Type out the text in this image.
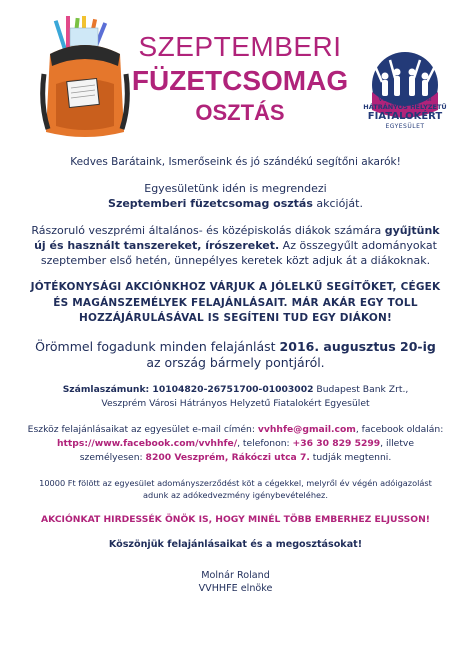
SZEPTEMBERI
FÜZETCSOMAG
OSZTÁS
Veszprém Városi
HÁTRÁNYOS HELYZETŰ
FIATALOKÉRT
EGYESÜLET

Kedves Barátaink, Ismerőseink és jó szándékú segítőni akarók!

Egyesületünk idén is megrendezi
Szeptemberi füzetcsomag osztás akcióját.

Rászoruló veszprémi általános- és középiskolás diákok számára gyűjtünk új és használt tanszereket, írószereket. Az összegyűlt adományokat szeptember első hetén, ünnepélyes keretek közt adjuk át a diákoknak.

JÓTÉKONYSÁGI AKCIÓNKHOZ VÁRJUK A JÓLELKŰ SEGÍTŐKET, CÉGEK ÉS MAGÁNSZEMÉLYEK FELAJÁNLÁSAIT. MÁR AKÁR EGY TOLL HOZZÁJÁRULÁSÁVAL IS SEGÍTENI TUD EGY DIÁKON!

Örömmel fogadunk minden felajánlást 2016. augusztus 20-ig
az ország bármely pontjáról.

Számlaszámunk: 10104820-26751700-01003002 Budapest Bank Zrt.,
Veszprém Városi Hátrányos Helyzetű Fiatalokért Egyesület

Eszköz felajánlásaikat az egyesület e-mail címén: vvhhfe@gmail.com, facebook oldalán: https://www.facebook.com/vvhhfe/, telefonon: +36 30 829 5299, illetve személyesen: 8200 Veszprém, Rákóczi utca 7. tudják megtenni.

10000 Ft fölött az egyesület adományszerződést köt a cégekkel, melyről év végén adóigazolást adunk az adókedvezmény igénybevételéhez.

AKCIÓNKAT HIRDESSÉK ÖNÖK IS, HOGY MINÉL TÖBB EMBERHEZ ELJUSSON!

Köszönjük felajánlásaikat és a megosztásokat!

Molnár Roland
VVHHFE elnöke
